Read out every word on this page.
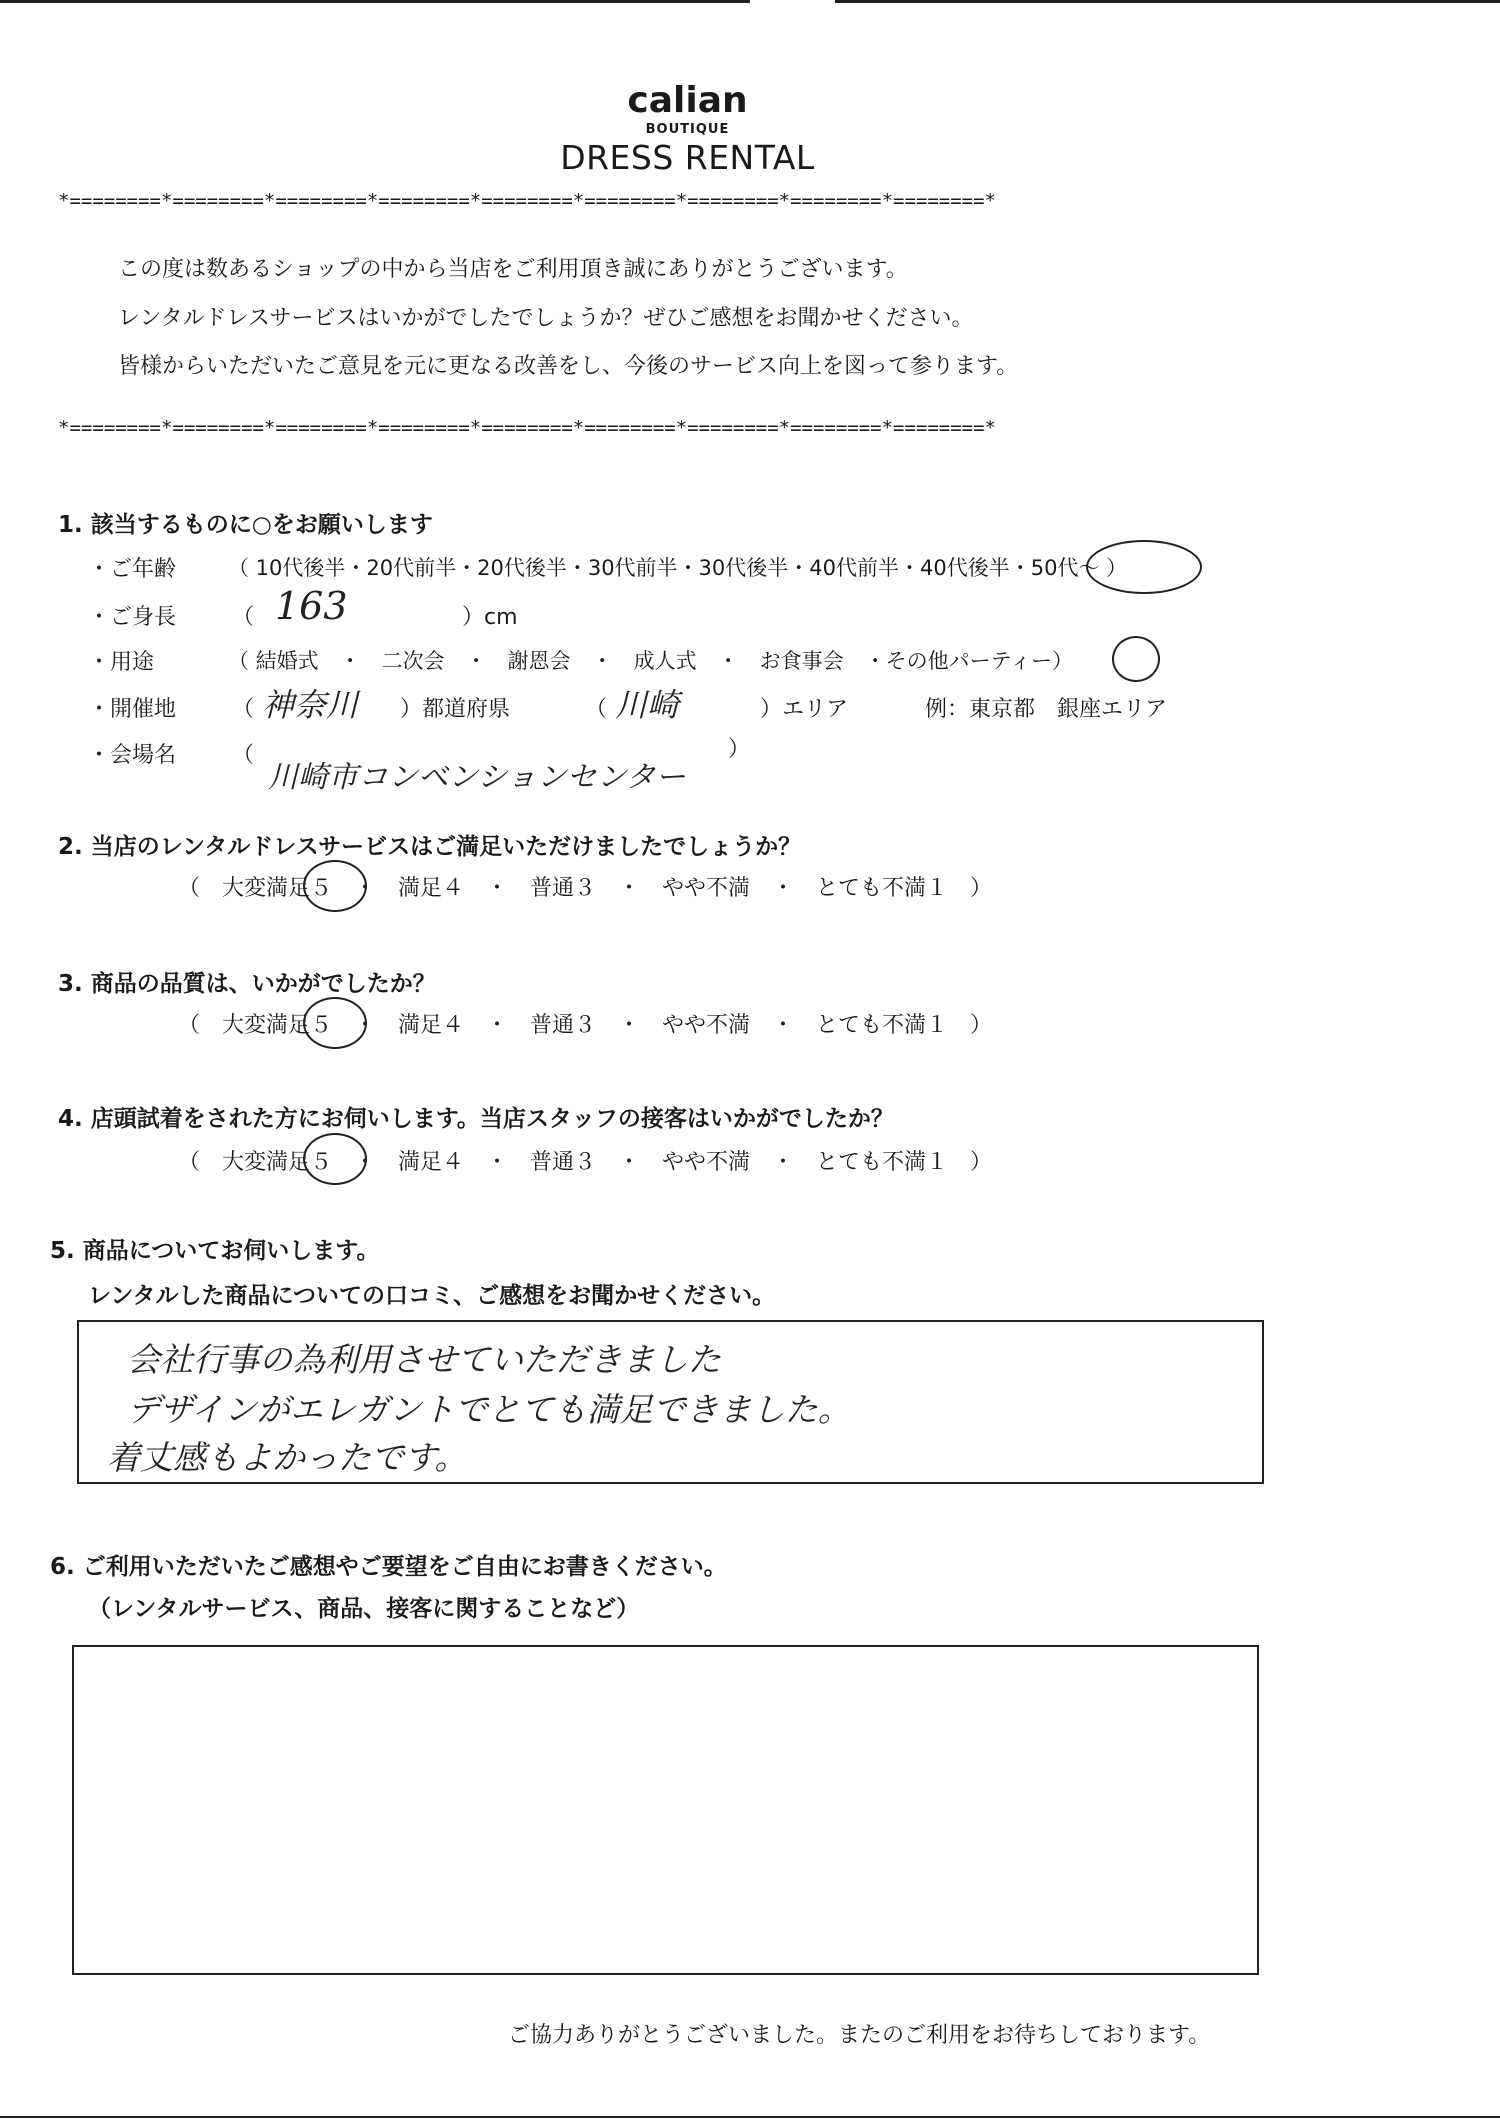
calian
BOUTIQUE
DRESS RENTAL
*========*========*========*========*========*========*========*========*========*
この度は数あるショップの中から当店をご利用頂き誠にありがとうございます。
レンタルドレスサービスはいかがでしたでしょうか？ぜひご感想をお聞かせください。
皆様からいただいたご意見を元に更なる改善をし、今後のサービス向上を図って参ります。
*========*========*========*========*========*========*========*========*========*
1. 該当するものに○をお願いします
・ご年齢 （ 10代後半・20代前半・20代後半・30代前半・30代後半・40代前半・40代後半・50代～ ）
・ご身長	（ 163	）cm
・用途	（ 結婚式　・　二次会　・　謝恩会　・　成人式　・　お食事会　・その他パーティー）
・開催地	（ 神奈川 ）都道府県	（ 川崎	）エリア	例：東京都　銀座エリア
・会場名	（
川崎市コンベンションセンター
）
2. 当店のレンタルドレスサービスはご満足いただけましたでしょうか？
（　大変満足５　・　満足４　・　普通３　・　やや不満　・　とても不満１　）
3. 商品の品質は、いかがでしたか？
（　大変満足５　・　満足４　・　普通３　・　やや不満　・　とても不満１　）
4. 店頭試着をされた方にお伺いします。当店スタッフの接客はいかがでしたか？
（　大変満足５　・　満足４　・　普通３　・　やや不満　・　とても不満１　）
5. 商品についてお伺いします。
レンタルした商品についての口コミ、ご感想をお聞かせください。
会社行事の為利用させていただきました
デザインがエレガントでとても満足できました。
着丈感もよかったです。
6. ご利用いただいたご感想やご要望をご自由にお書きください。
（レンタルサービス、商品、接客に関することなど）
ご協力ありがとうございました。またのご利用をお待ちしております。
